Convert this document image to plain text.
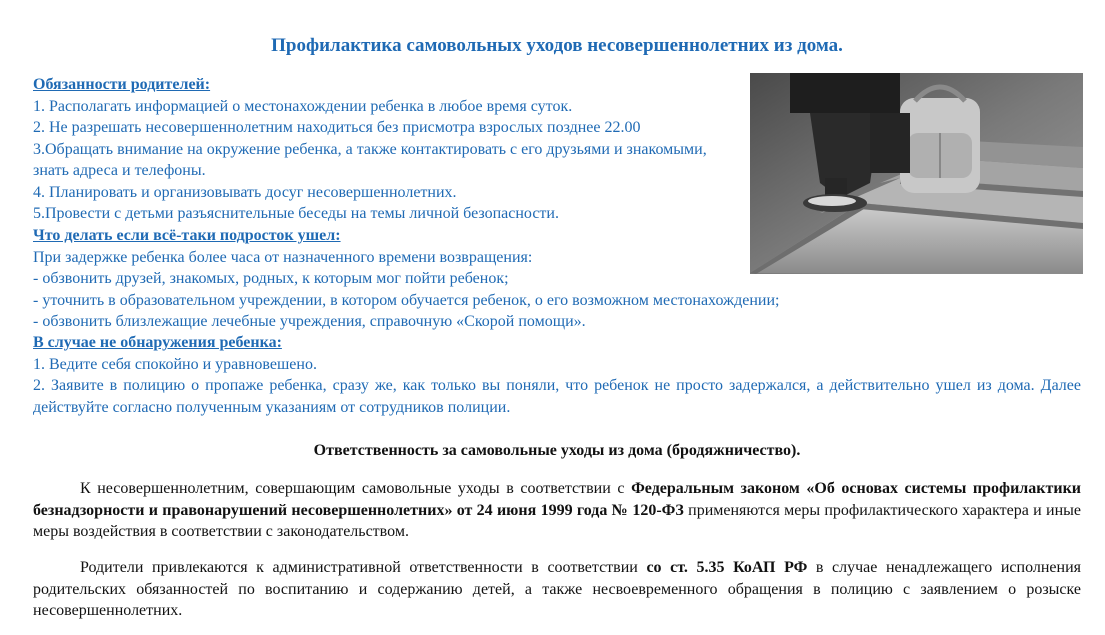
Профилактика самовольных уходов несовершеннолетних из дома.
Обязанности родителей:
1. Располагать информацией о местонахождении ребенка в любое время суток.
2. Не разрешать несовершеннолетним находиться без присмотра взрослых позднее 22.00
3.Обращать внимание на окружение ребенка, а также контактировать с его друзьями и знакомыми, знать адреса и телефоны.
4. Планировать и организовывать досуг несовершеннолетних.
5.Провести с детьми разъяснительные беседы на темы личной безопасности.
Что делать если всё-таки подросток ушел:
При задержке ребенка более часа от назначенного времени возвращения:
- обзвонить друзей, знакомых, родных, к которым мог пойти ребенок;
- уточнить в образовательном учреждении, в котором обучается ребенок, о его возможном местонахождении;
- обзвонить близлежащие лечебные учреждения, справочную «Скорой помощи».
В случае не обнаружения ребенка:
1. Ведите себя спокойно и уравновешено.
2. Заявите в полицию о пропаже ребенка, сразу же, как только вы поняли, что ребенок не просто задержался, а действительно ушел из дома. Далее действуйте согласно полученным указаниям от сотрудников полиции.
Ответственность за самовольные уходы из дома (бродяжничество).
К несовершеннолетним, совершающим самовольные уходы в соответствии с Федеральным законом «Об основах системы профилактики безнадзорности и правонарушений несовершеннолетних» от 24 июня 1999 года № 120-ФЗ применяются меры профилактического характера и иные меры воздействия в соответствии с законодательством.
Родители привлекаются к административной ответственности в соответствии со ст. 5.35 КоАП РФ в случае ненадлежащего исполнения родительских обязанностей по воспитанию и содержанию детей, а также несвоевременного обращения в полицию с заявлением о розыске несовершеннолетних.
